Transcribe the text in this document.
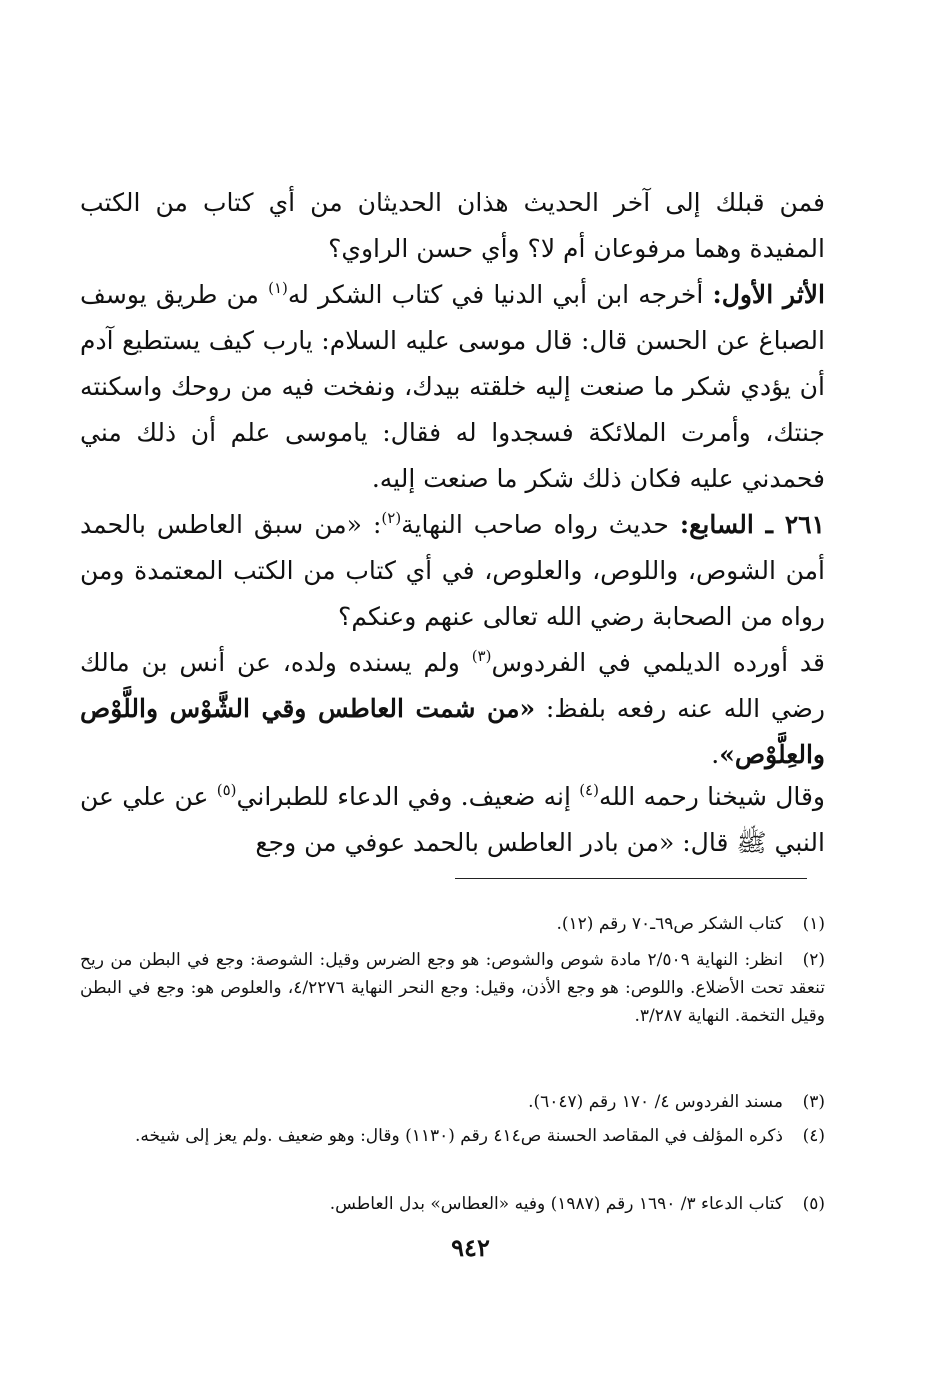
فمن قبلك إلى آخر الحديث هذان الحديثان من أي كتاب من الكتب المفيدة وهما مرفوعان أم لا؟ وأي حسن الراوي؟

الأثر الأول: أخرجه ابن أبي الدنيا في كتاب الشكر له$^{(١)}$ من طريق يوسف الصباغ عن الحسن قال: قال موسى عليه السلام: يارب كيف يستطيع آدم أن يؤدي شكر ما صنعت إليه خلقته بيدك، ونفخت فيه من روحك واسكنته جنتك، وأمرت الملائكة فسجدوا له فقال: ياموسى علم أن ذلك مني فحمدني عليه فكان ذلك شكر ما صنعت إليه.

٢٦١ ـ السابع: حديث رواه صاحب النهاية$^{(٢)}$: «من سبق العاطس بالحمد أمن الشوص، واللوص، والعلوص، في أي كتاب من الكتب المعتمدة ومن رواه من الصحابة رضي الله تعالى عنهم وعنكم؟

قد أورده الديلمي في الفردوس$^{(٣)}$ ولم يسنده ولده، عن أنس بن مالك رضي الله عنه رفعه بلفظ: «من شمت العاطس وقي الشَّوْس واللَّوْص والعِلَّوْص».

وقال شيخنا رحمه الله$^{(٤)}$ إنه ضعيف. وفي الدعاء للطبراني$^{(٥)}$ عن علي عن النبي ﷺ قال: «من بادر العاطس بالحمد عوفي من وجع

(١)كتاب الشكر ص٦٩ـ٧٠ رقم (١٢).

(٢)انظر: النهاية ٢/٥٠٩ مادة شوص والشوص: هو وجع الضرس وقيل: الشوصة: وجع في البطن من ريح تنعقد تحت الأضلاع. واللوص: هو وجع الأذن، وقيل: وجع النحر النهاية ٤/٢٢٧٦، والعلوص هو: وجع في البطن وقيل التخمة. النهاية ٣/٢٨٧.

(٣)مسند الفردوس ٤/ ١٧٠ رقم (٦٠٤٧).

(٤)ذكره المؤلف في المقاصد الحسنة ص٤١٤ رقم (١١٣٠) وقال: وهو ضعيف .ولم يعز إلى شيخه.

(٥)كتاب الدعاء ٣/ ١٦٩٠ رقم (١٩٨٧) وفيه «العطاس» بدل العاطس.

٩٤٢
